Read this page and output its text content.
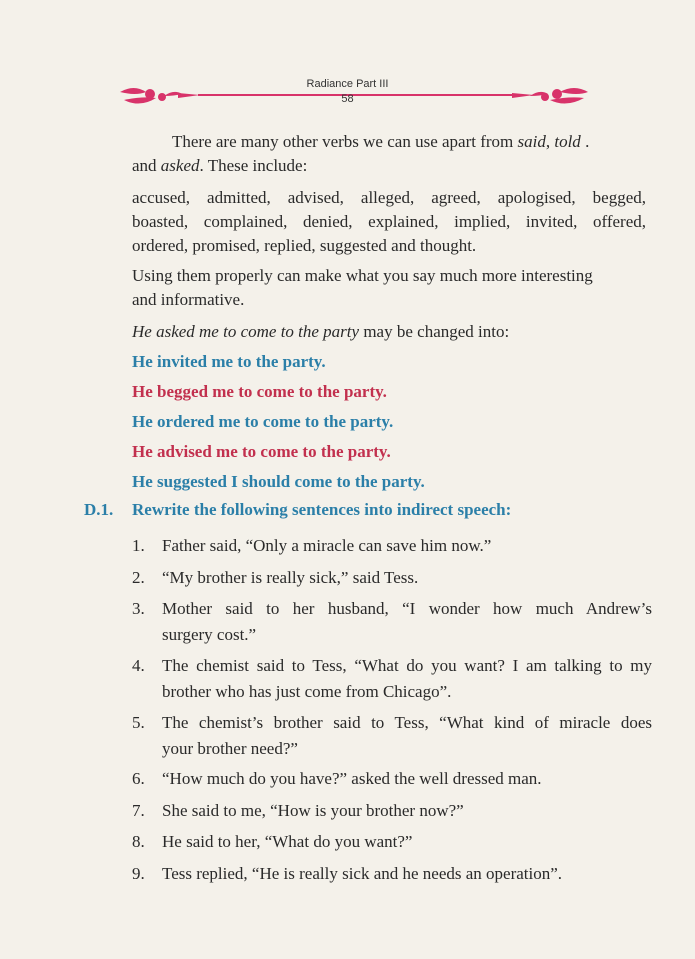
Radiance Part III
58
There are many other verbs we can use apart from said, told .
and asked. These include:
accused, admitted, advised, alleged, agreed, apologised, begged,
boasted, complained, denied, explained, implied, invited, offered,
ordered, promised, replied, suggested and thought.
Using them properly can make what you say much more interesting
and informative.
He asked me to come to the party may be changed into:
He invited me to the party.
He begged me to come to the party.
He ordered me to come to the party.
He advised me to come to the party.
He suggested I should come to the party.
D.1. Rewrite the following sentences into indirect speech:
1. Father said, “Only a miracle can save him now.”
2. “My brother is really sick,” said Tess.
3. Mother said to her husband, “I wonder how much Andrew’s
surgery cost.”
4. The chemist said to Tess, “What do you want? I am talking to my
brother who has just come from Chicago”.
5. The chemist’s brother said to Tess, “What kind of miracle does
your brother need?”
6. “How much do you have?” asked the well dressed man.
7. She said to me, “How is your brother now?”
8. He said to her, “What do you want?”
9. Tess replied, “He is really sick and he needs an operation”.
